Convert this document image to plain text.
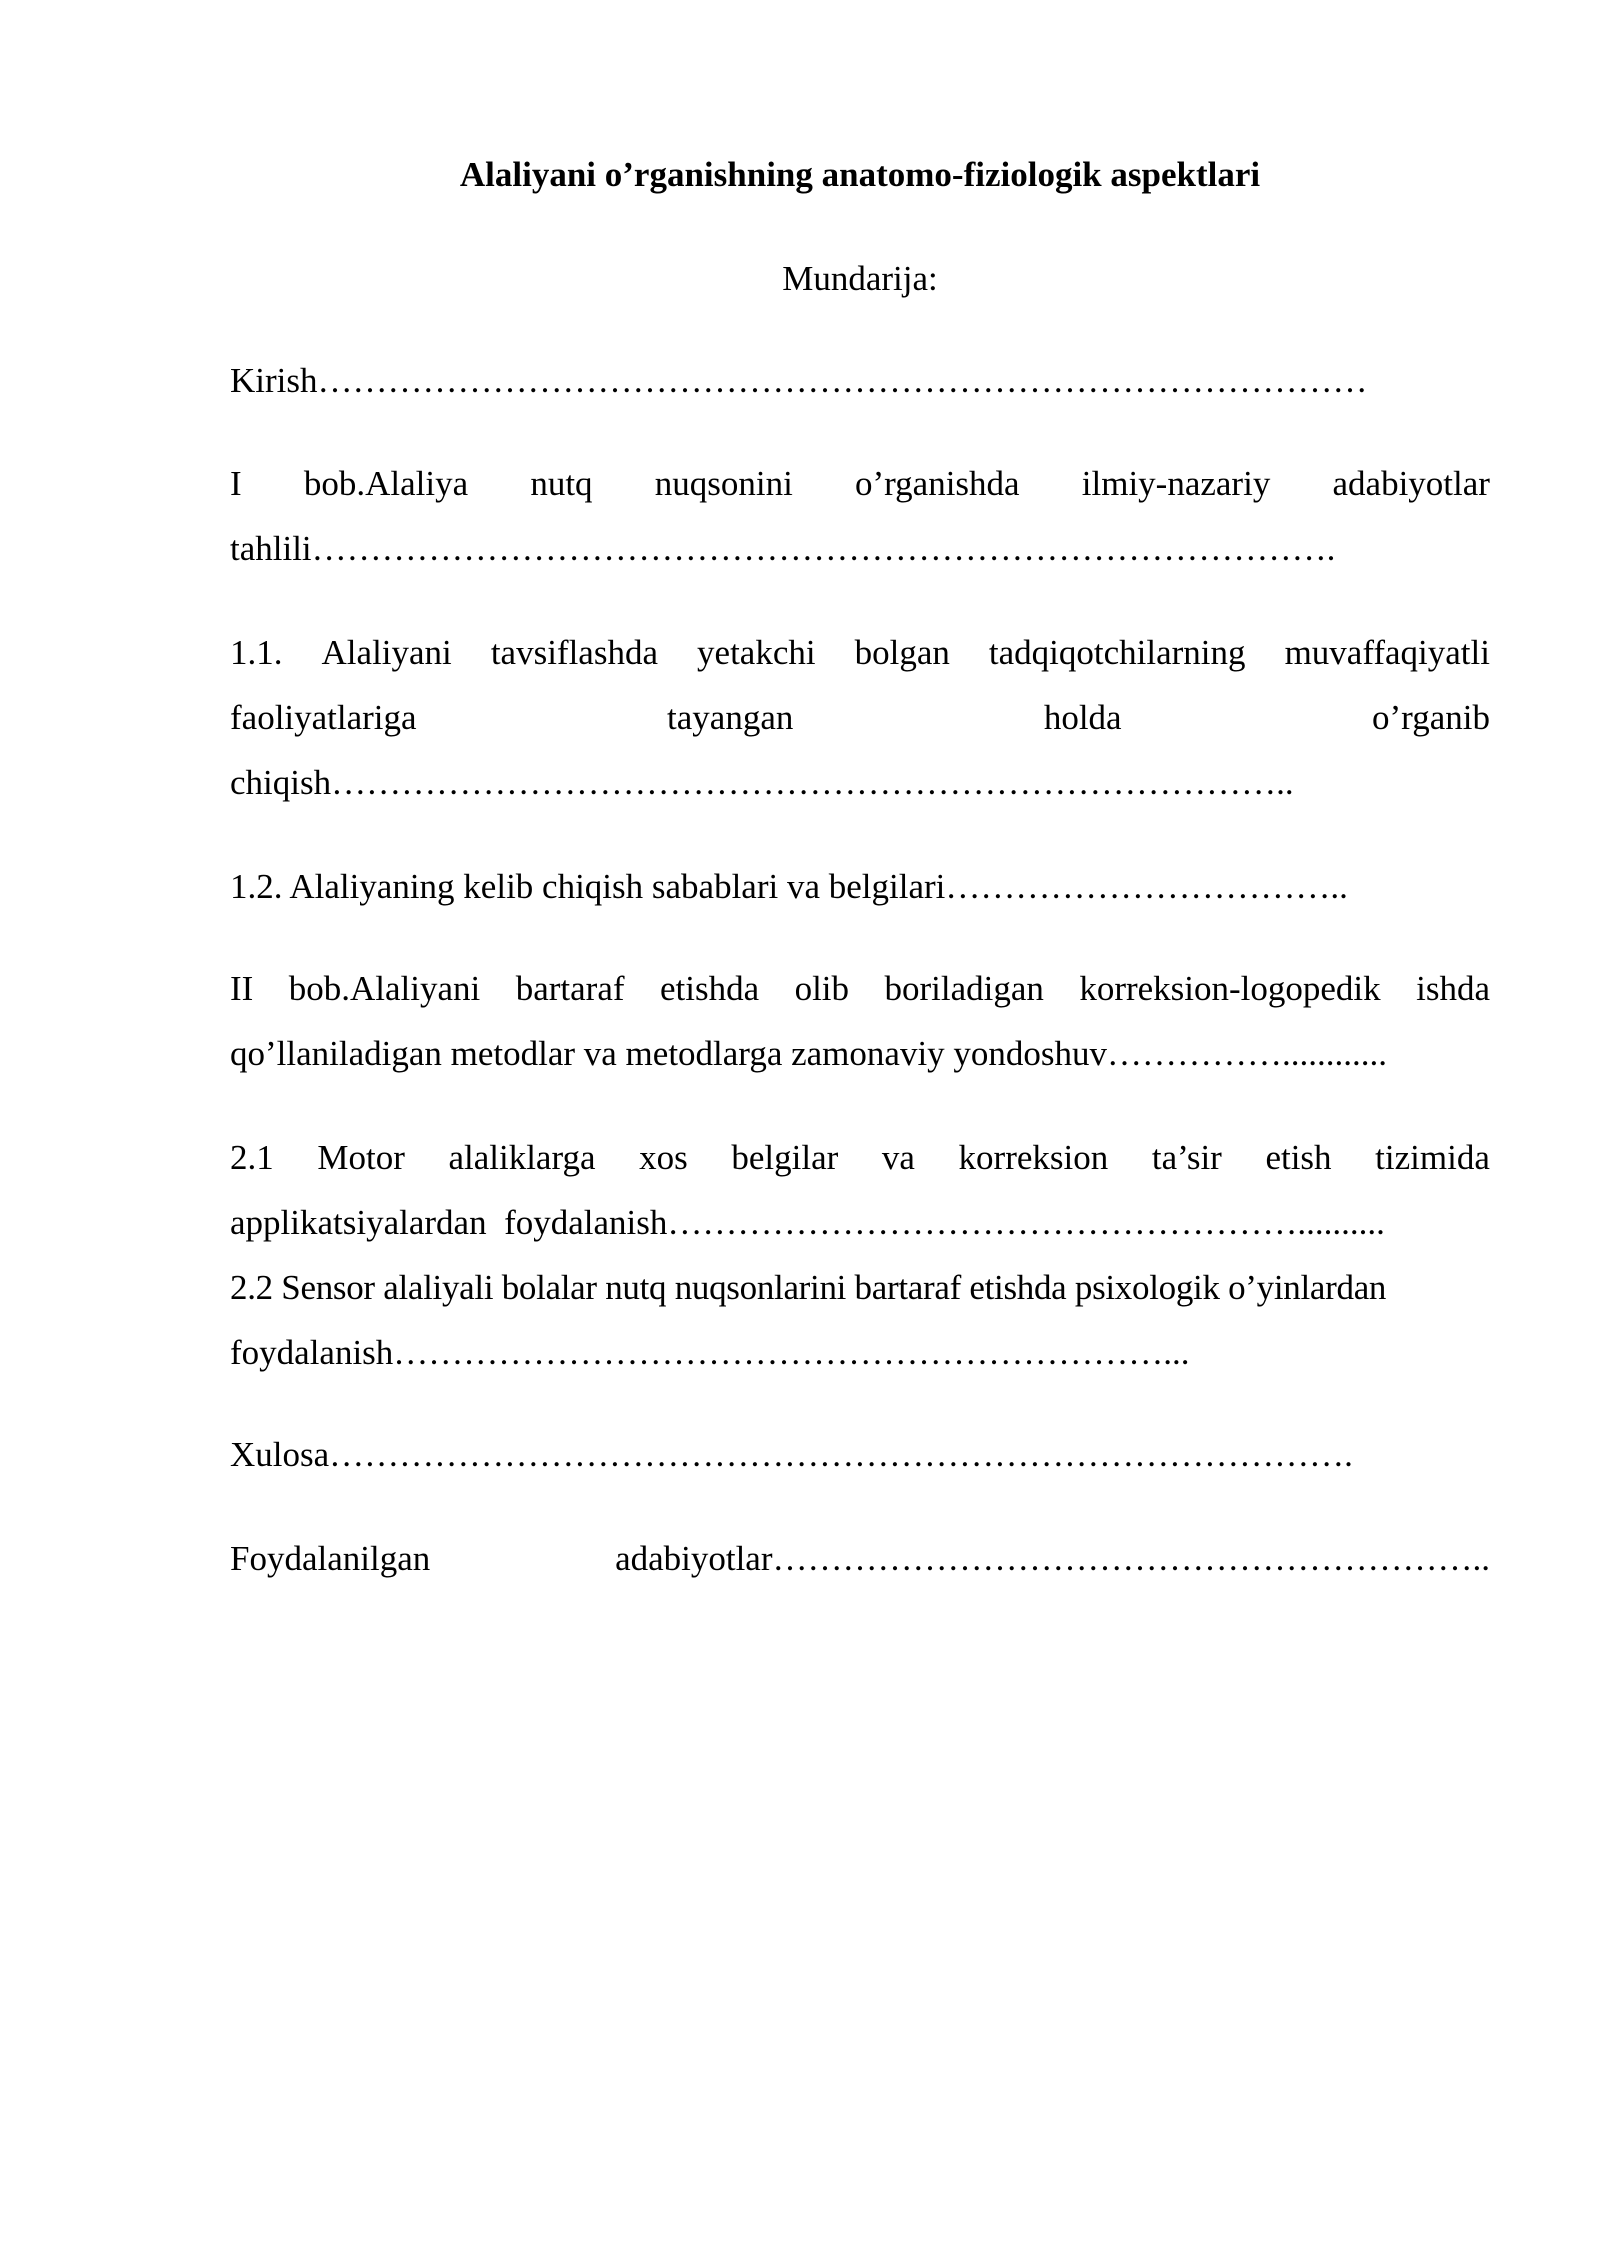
Alaliyani o’rganishning anatomo-fiziologik aspektlari
Mundarija:
Kirish………………………………………………………………………………
I bob.Alaliya nutq nuqsonini o’rganishda ilmiy-nazariy adabiyotlar
tahlili…………………………………………………………………………….
1.1. Alaliyani tavsiflashda yetakchi bolgan tadqiqotchilarning muvaffaqiyatli
faoliyatlariga	tayangan	holda	o’rganib
chiqish………………………………………………………………………..
1.2. Alaliyaning kelib chiqish sabablari va belgilari……………………………..
II bob.Alaliyani bartaraf etishda olib boriladigan korreksion-logopedik ishda
qo’llaniladigan metodlar va metodlarga zamonaviy yondoshuv……………............
2.1 Motor alaliklarga xos belgilar va korreksion ta’sir etish tizimida
applikatsiyalardan  foydalanish………………………………………………..........
2.2 Sensor alaliyali bolalar nutq nuqsonlarini bartaraf etishda psixologik o’yinlardan
foydalanish…………………………………………………………...
Xulosa…………………………………………………………………………….
Foydalanilgan	adabiyotlar……………………………………………………..
